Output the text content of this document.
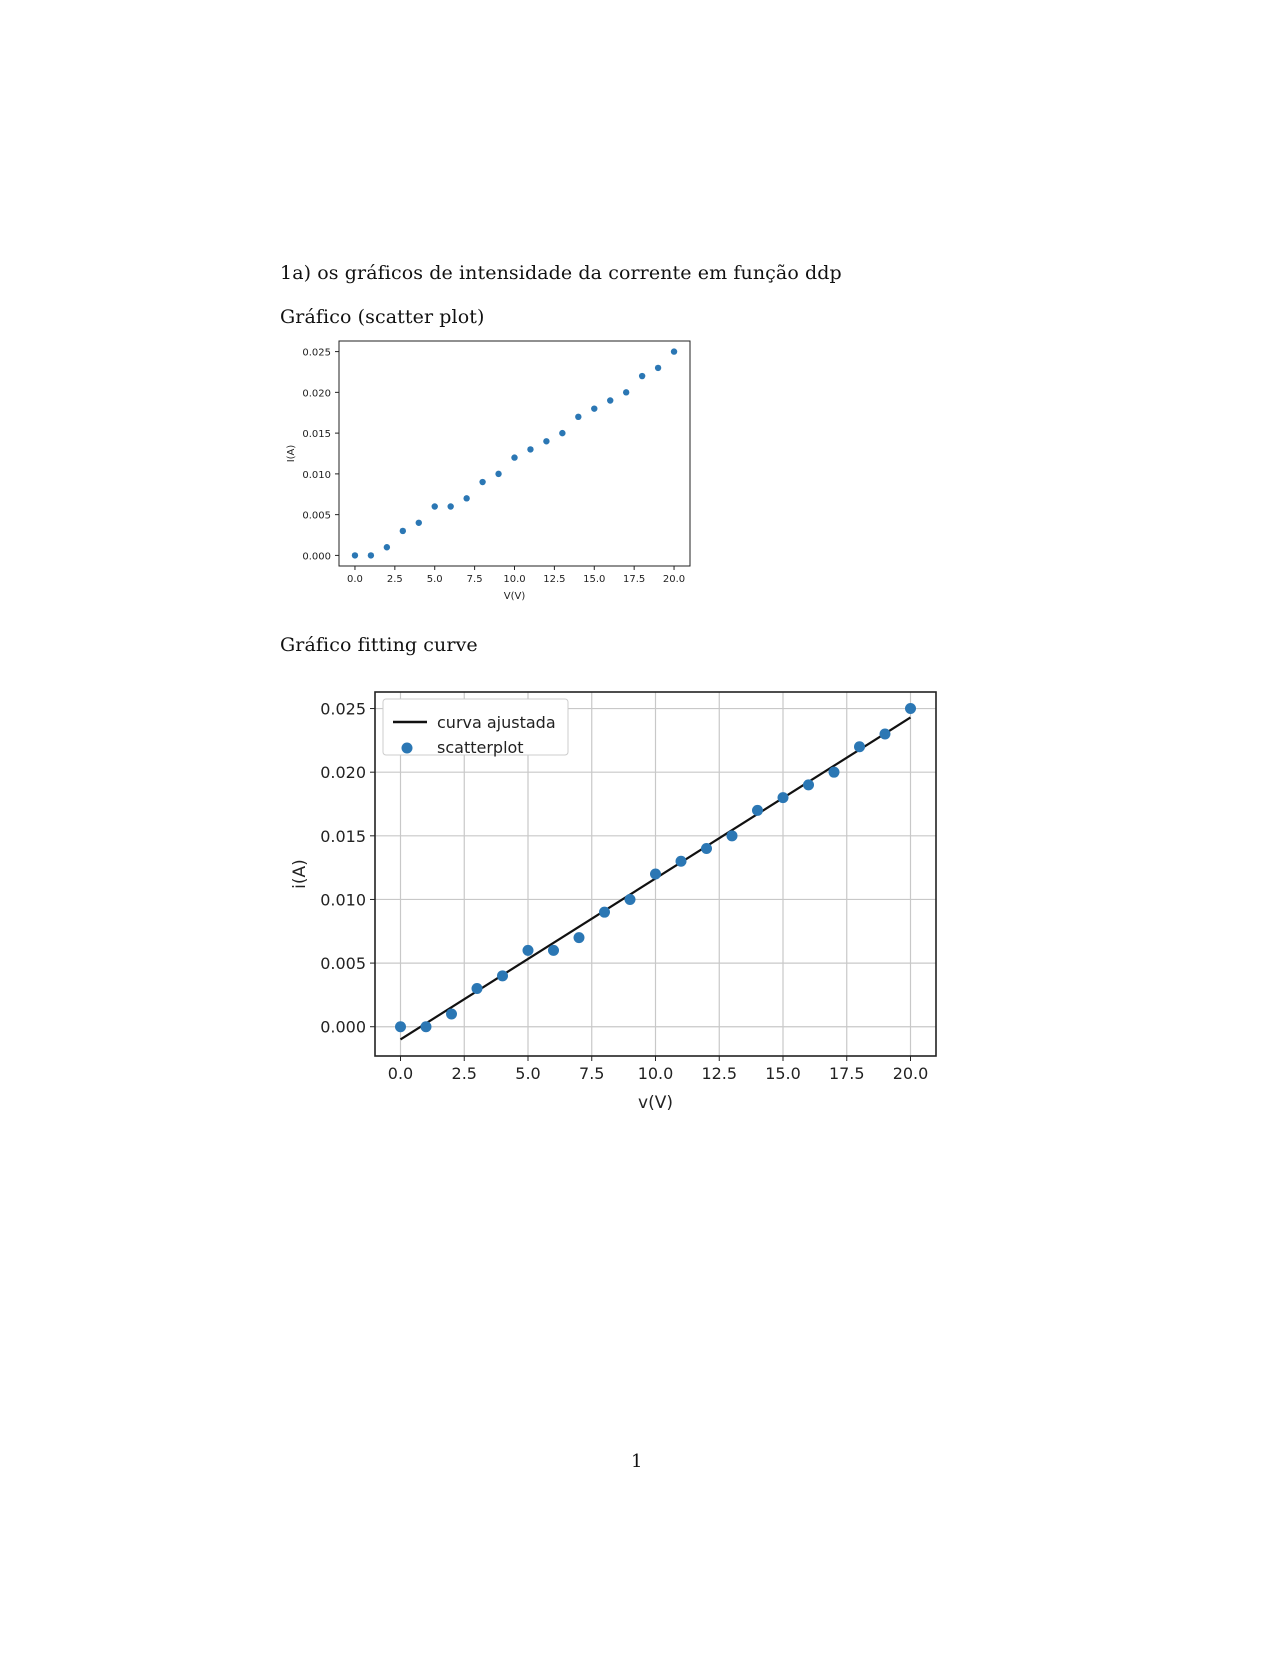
1a) os gráficos de intensidade da corrente em função ddp
Gráfico (scatter plot)
Gráfico fitting curve
1
0.0 2.5 5.0 7.5 10.0 12.5 15.0 17.5 20.0
0.000
0.005
0.010
0.015
0.020
0.025
V(V)
I(A)
0.0 2.5 5.0 7.5 10.0 12.5 15.0 17.5 20.0
0.000
0.005
0.010
0.015
0.020
0.025
v(V)
i(A)
curva ajustada
scatterplot
